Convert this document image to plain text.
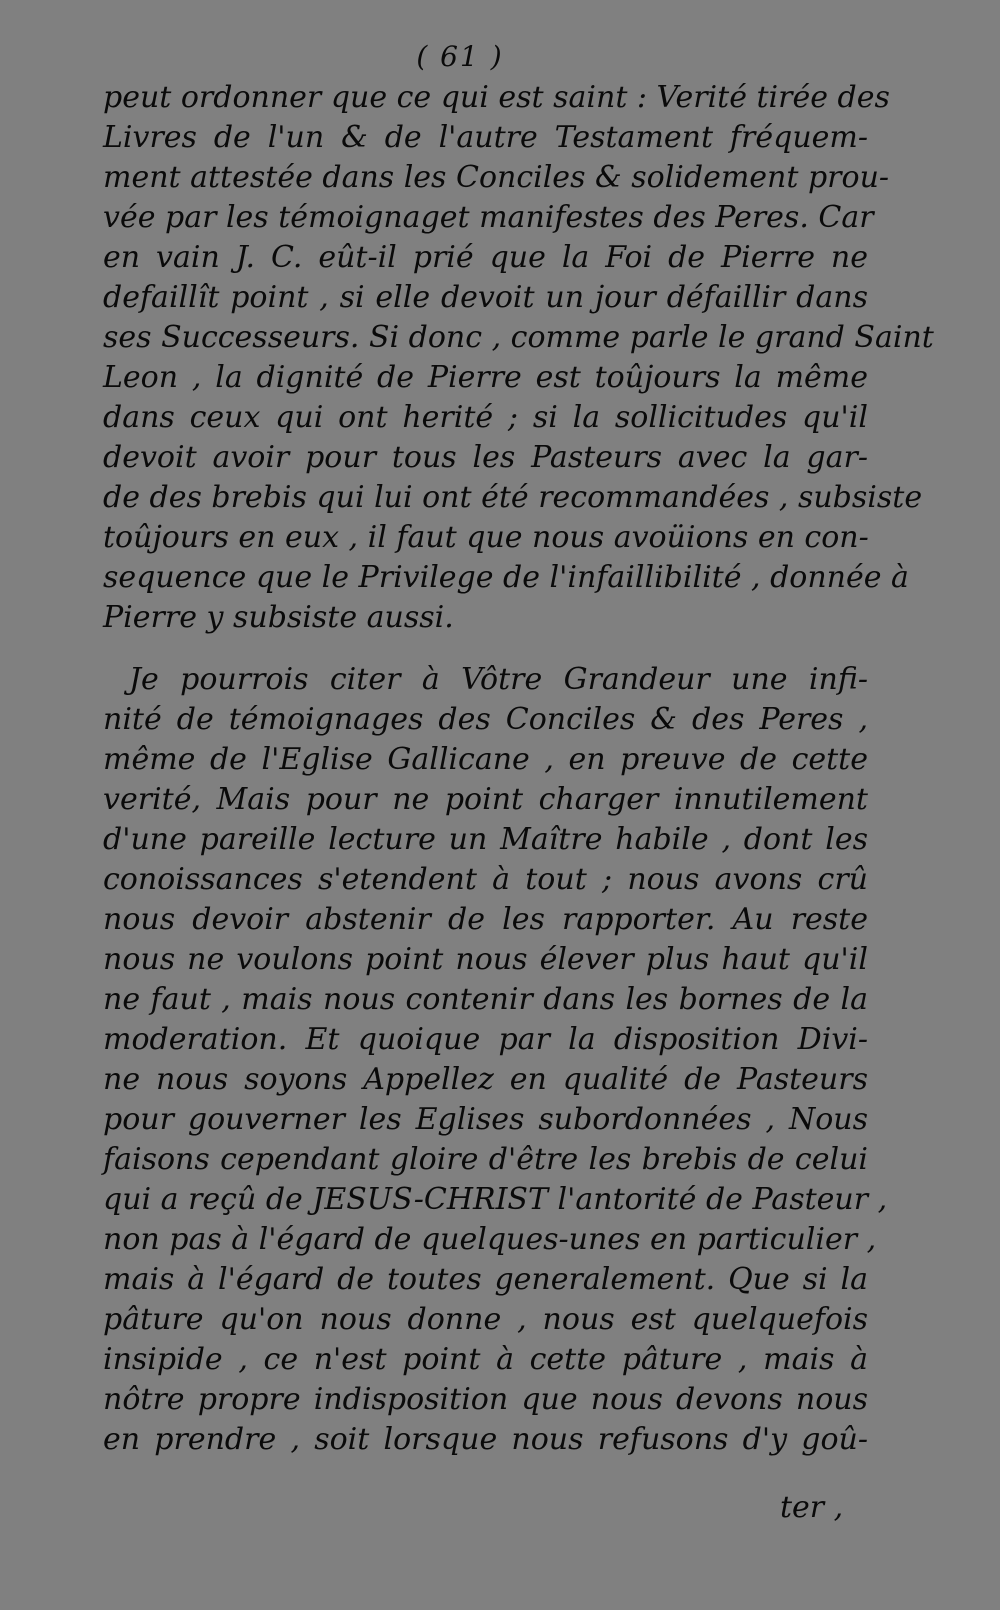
( 61 )
peut ordonner que ce qui est saint : Verité tirée des
Livres de l'un & de l'autre Testament fréquem-
ment attestée dans les Conciles & solidement prou-
vée par les témoignaget manifestes des Peres. Car
en vain J. C. eût-il prié que la Foi de Pierre ne
defaillît point , si elle devoit un jour défaillir dans
ses Successeurs. Si donc , comme parle le grand Saint
Leon , la dignité de Pierre est toûjours la même
dans ceux qui ont herité ; si la sollicitudes qu'il
devoit avoir pour tous les Pasteurs avec la gar-
de des brebis qui lui ont été recommandées , subsiste
toûjours en eux , il faut que nous avoüions en con-
sequence que le Privilege de l'infaillibilité , donnée à
Pierre y subsiste aussi.
Je pourrois citer à Vôtre Grandeur une infi-
nité de témoignages des Conciles & des Peres ,
même de l'Eglise Gallicane , en preuve de cette
verité, Mais pour ne point charger innutilement
d'une pareille lecture un Maître habile , dont les
conoissances s'etendent à tout ; nous avons crû
nous devoir abstenir de les rapporter. Au reste
nous ne voulons point nous élever plus haut qu'il
ne faut , mais nous contenir dans les bornes de la
moderation. Et quoique par la disposition Divi-
ne nous soyons Appellez en qualité de Pasteurs
pour gouverner les Eglises subordonnées , Nous
faisons cependant gloire d'être les brebis de celui
qui a reçû de JESUS-CHRIST l'antorité de Pasteur ,
non pas à l'égard de quelques-unes en particulier ,
mais à l'égard de toutes generalement. Que si la
pâture qu'on nous donne , nous est quelquefois
insipide , ce n'est point à cette pâture , mais à
nôtre propre indisposition que nous devons nous
en prendre , soit lorsque nous refusons d'y goû-
ter ,
